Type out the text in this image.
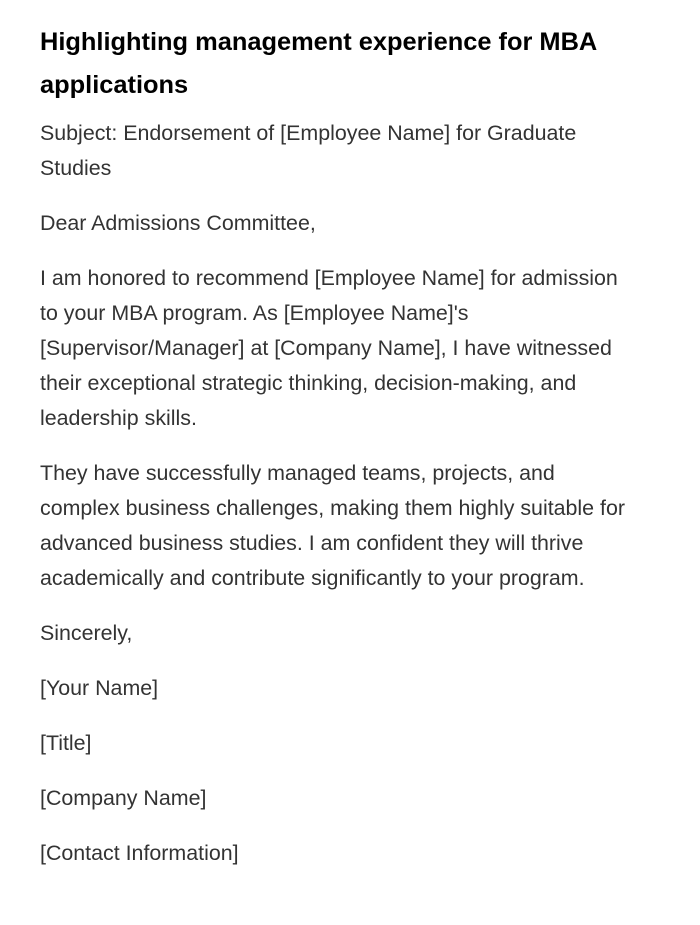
Highlighting management experience for MBA applications

Subject: Endorsement of [Employee Name] for Graduate Studies

Dear Admissions Committee,

I am honored to recommend [Employee Name] for admission to your MBA program. As [Employee Name]'s [Supervisor/Manager] at [Company Name], I have witnessed their exceptional strategic thinking, decision-making, and leadership skills.

They have successfully managed teams, projects, and complex business challenges, making them highly suitable for advanced business studies. I am confident they will thrive academically and contribute significantly to your program.

Sincerely,

[Your Name]

[Title]

[Company Name]

[Contact Information]
